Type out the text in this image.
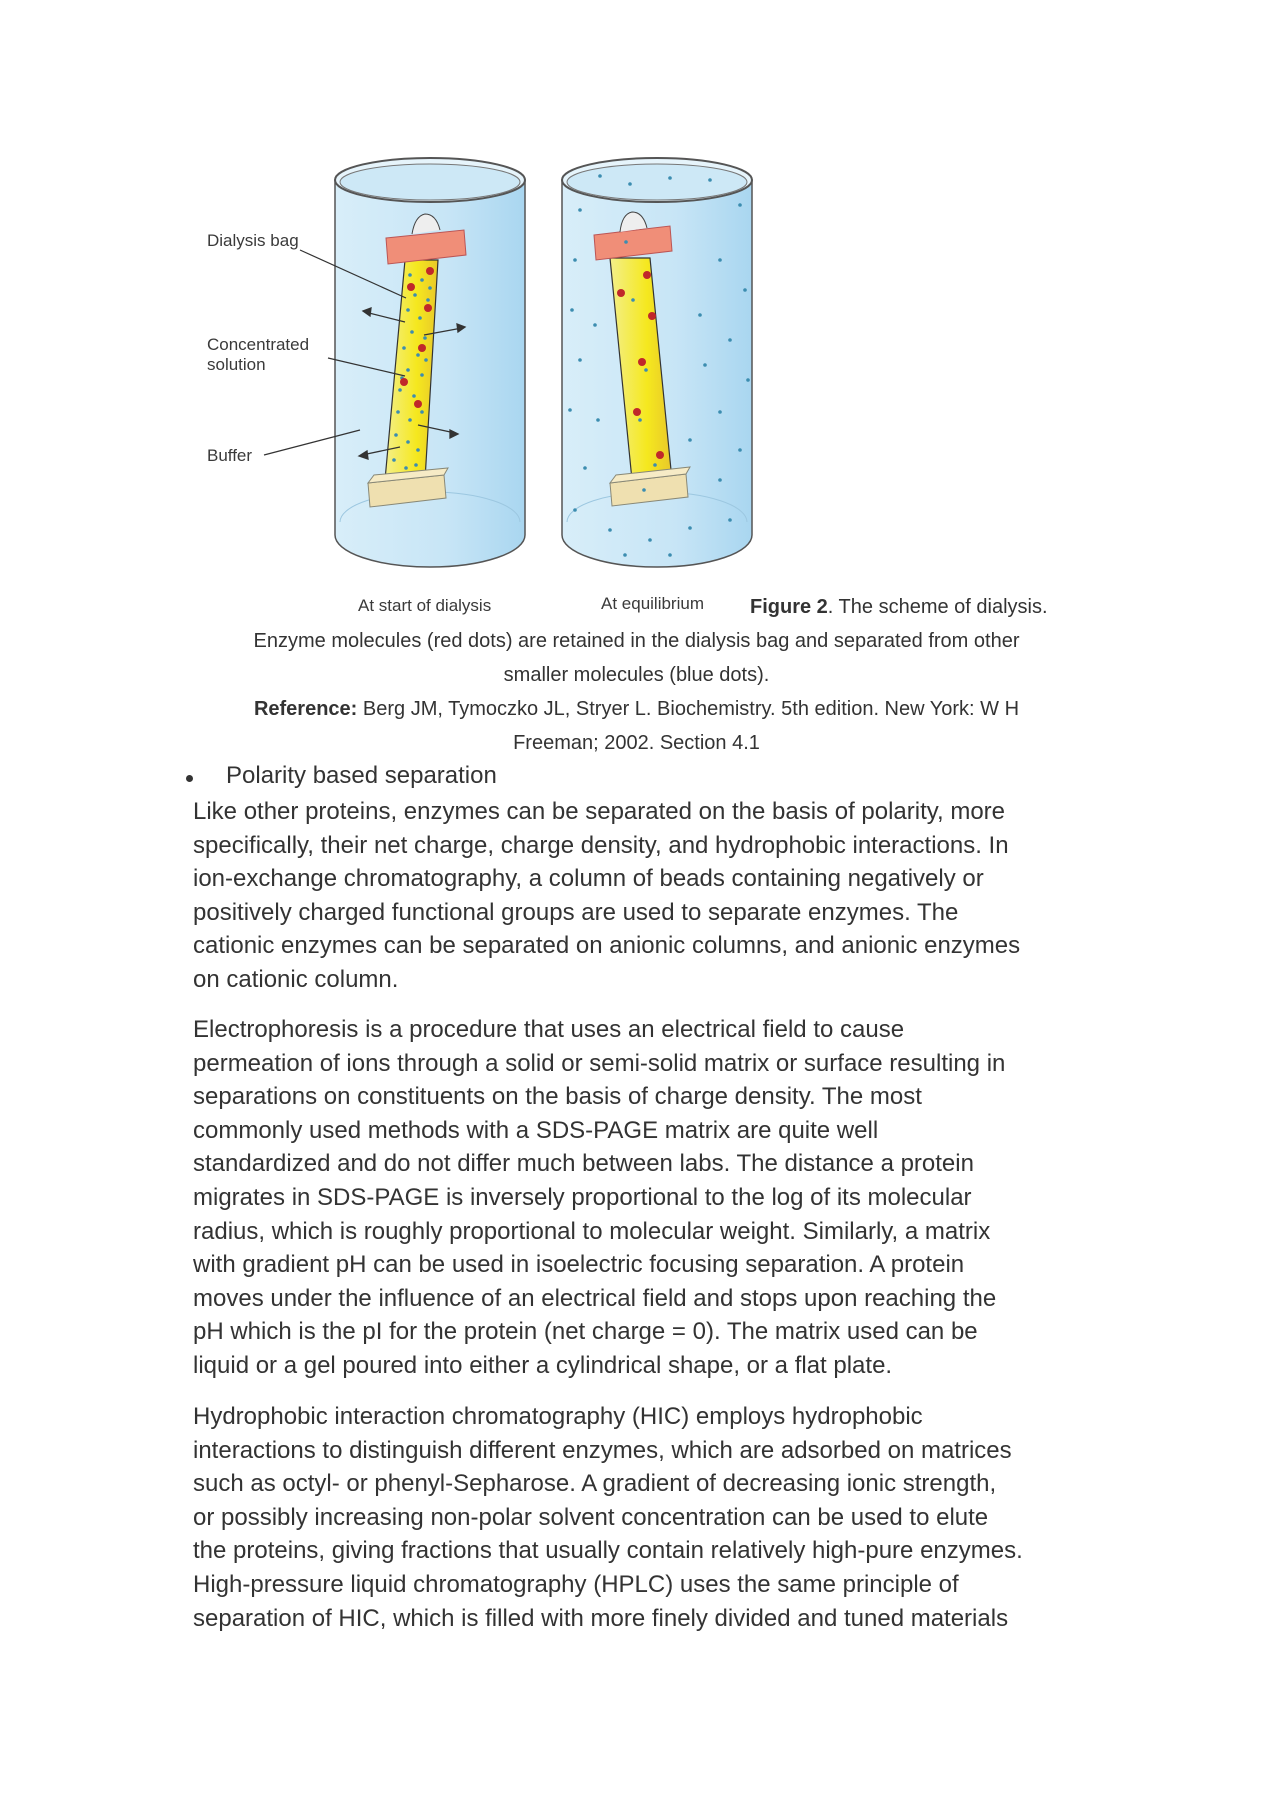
Dialysis bag
Concentrated
solution
Buffer
At start of dialysis	At equilibrium Figure 2. The scheme of dialysis.
Enzyme molecules (red dots) are retained in the dialysis bag and separated from other
smaller molecules (blue dots).
Reference: Berg JM, Tymoczko JL, Stryer L. Biochemistry. 5th edition. New York: W H
Freeman; 2002. Section 4.1
Polarity based separation
Like other proteins, enzymes can be separated on the basis of polarity, more
specifically, their net charge, charge density, and hydrophobic interactions. In
ion-exchange chromatography, a column of beads containing negatively or
positively charged functional groups are used to separate enzymes. The
cationic enzymes can be separated on anionic columns, and anionic enzymes
on cationic column.
Electrophoresis is a procedure that uses an electrical field to cause
permeation of ions through a solid or semi-solid matrix or surface resulting in
separations on constituents on the basis of charge density. The most
commonly used methods with a SDS-PAGE matrix are quite well
standardized and do not differ much between labs. The distance a protein
migrates in SDS-PAGE is inversely proportional to the log of its molecular
radius, which is roughly proportional to molecular weight. Similarly, a matrix
with gradient pH can be used in isoelectric focusing separation. A protein
moves under the influence of an electrical field and stops upon reaching the
pH which is the pI for the protein (net charge = 0). The matrix used can be
liquid or a gel poured into either a cylindrical shape, or a flat plate.
Hydrophobic interaction chromatography (HIC) employs hydrophobic
interactions to distinguish different enzymes, which are adsorbed on matrices
such as octyl- or phenyl-Sepharose. A gradient of decreasing ionic strength,
or possibly increasing non-polar solvent concentration can be used to elute
the proteins, giving fractions that usually contain relatively high-pure enzymes.
High-pressure liquid chromatography (HPLC) uses the same principle of
separation of HIC, which is filled with more finely divided and tuned materials
